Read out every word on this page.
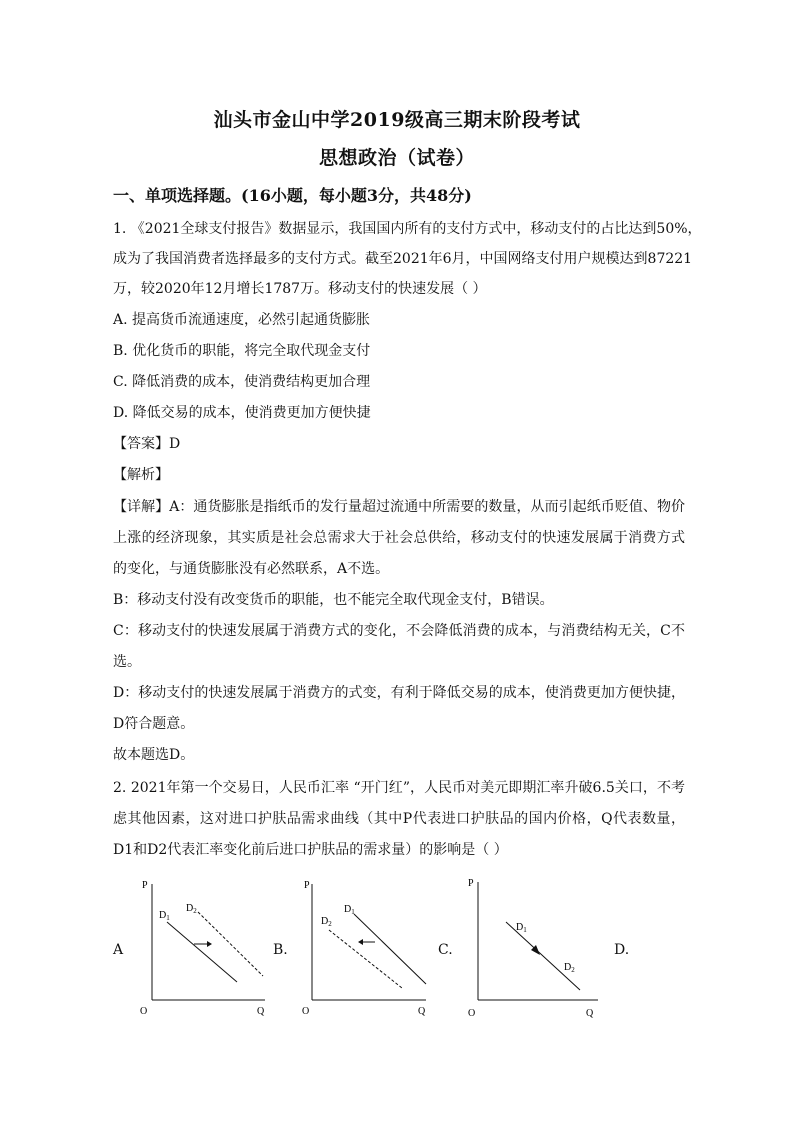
汕头市金山中学2019级高三期末阶段考试
思想政治（试卷）
一、单项选择题。(16小题，每小题3分，共48分)
1. 《2021全球支付报告》数据显示，我国国内所有的支付方式中，移动支付的占比达到50%，
成为了我国消费者选择最多的支付方式。截至2021年6月，中国网络支付用户规模达到87221
万，较2020年12月增长1787万。移动支付的快速发展（ ）
A. 提高货币流通速度，必然引起通货膨胀
B. 优化货币的职能，将完全取代现金支付
C. 降低消费的成本，使消费结构更加合理
D. 降低交易的成本，使消费更加方便快捷
【答案】D
【解析】
【详解】A：通货膨胀是指纸币的发行量超过流通中所需要的数量，从而引起纸币贬值、物价
上涨的经济现象，其实质是社会总需求大于社会总供给，移动支付的快速发展属于消费方式
的变化，与通货膨胀没有必然联系，A不选。
B：移动支付没有改变货币的职能，也不能完全取代现金支付，B错误。
C：移动支付的快速发展属于消费方式的变化，不会降低消费的成本，与消费结构无关，C不
选。
D：移动支付的快速发展属于消费方的式变，有利于降低交易的成本，使消费更加方便快捷，
D符合题意。
故本题选D。
2. 2021年第一个交易日，人民币汇率 “开门红”，人民币对美元即期汇率升破6.5关口，不考
虑其他因素，这对进口护肤品需求曲线（其中P代表进口护肤品的国内价格，Q代表数量，
D1和D2代表汇率变化前后进口护肤品的需求量）的影响是（ ）
A	B.	C.	D.
P
O	Q
$D_1$
$D_2$
P
O	Q
$D_1$
$D_2$
P
O	Q
$D_1$
$D_2$
